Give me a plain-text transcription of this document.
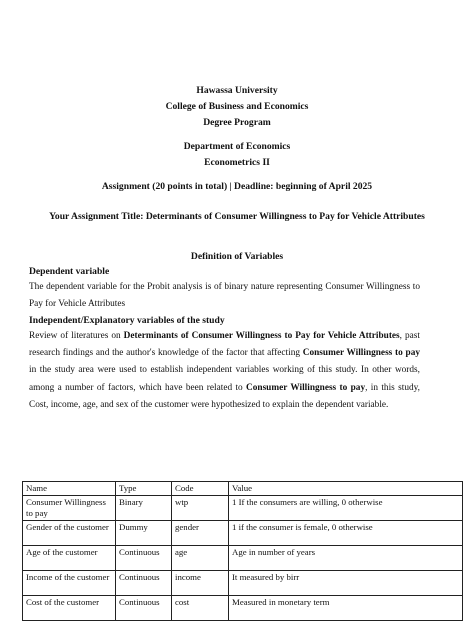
Hawassa University
College of Business and Economics
Degree Program
Department of Economics
Econometrics II
Assignment (20 points in total) | Deadline: beginning of April 2025
Your Assignment Title: Determinants of Consumer Willingness to Pay for Vehicle Attributes
Definition of Variables
Dependent variable
The dependent variable for the Probit analysis is of binary nature representing Consumer Willingness to Pay for Vehicle Attributes
Independent/Explanatory variables of the study
Review of literatures on Determinants of Consumer Willingness to Pay for Vehicle Attributes, past research findings and the author's knowledge of the factor that affecting Consumer Willingness to pay in the study area were used to establish independent variables working of this study. In other words, among a number of factors, which have been related to Consumer Willingness to pay, in this study, Cost, income, age, and sex of the customer were hypothesized to explain the dependent variable.
Name	Type	Code	Value
Consumer Willingness to pay	Binary	wtp	1 If the consumers are willing, 0 otherwise
Gender of the customer	Dummy	gender	1 if the consumer is female, 0 otherwise
Age of the customer	Continuous	age	Age in number of years
Income of the customer	Continuous	income	It measured by birr
Cost of the customer	Continuous	cost	Measured in monetary term
